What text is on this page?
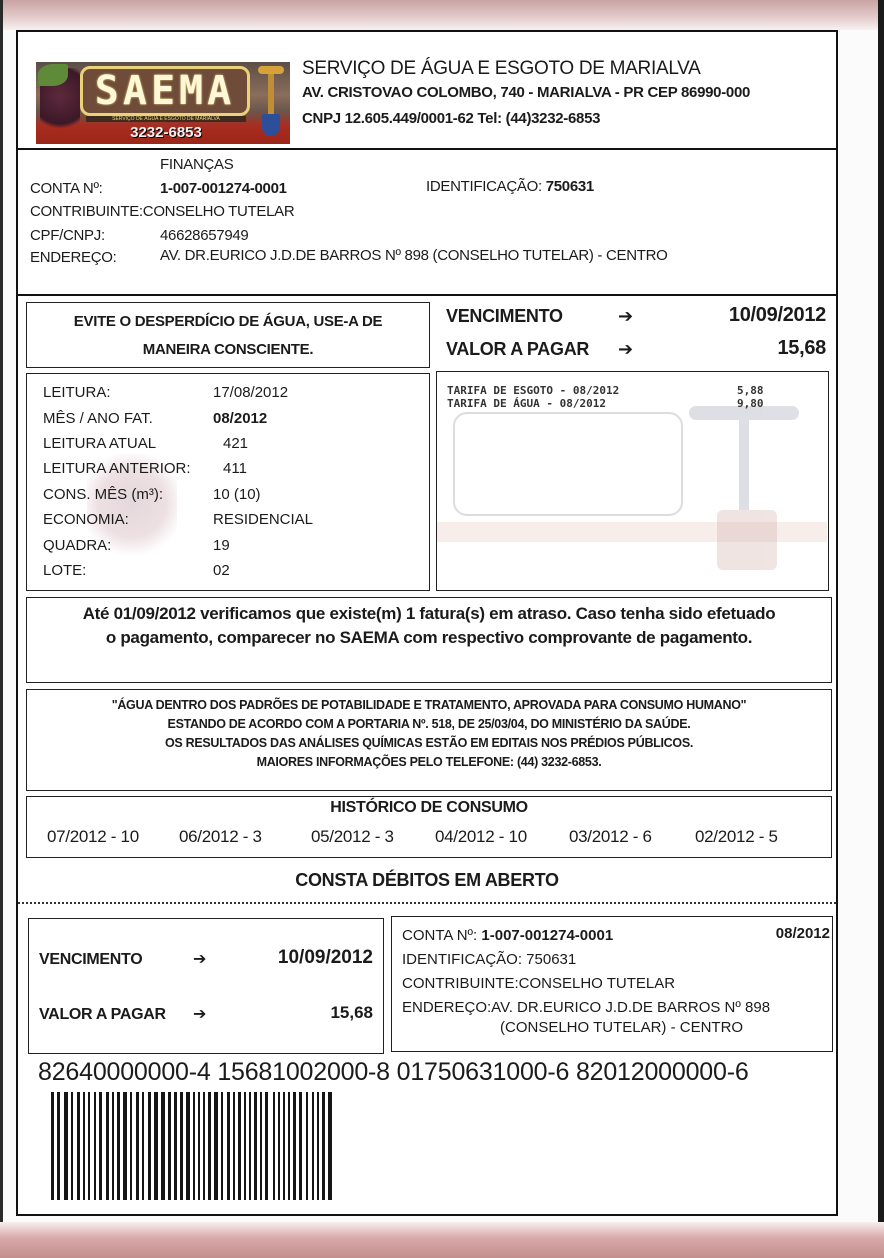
SAEMA
SERVIÇO DE ÁGUA E ESGOTO DE MARIALVA
3232-6853
SERVIÇO DE ÁGUA E ESGOTO DE MARIALVA
AV. CRISTOVAO COLOMBO, 740 - MARIALVA - PR CEP 86990-000
CNPJ 12.605.449/0001-62 Tel: (44)3232-6853
FINANÇAS
CONTA Nº:	1-007-001274-0001	IDENTIFICAÇÃO: 750631
CONTRIBUINTE:CONSELHO TUTELAR
CPF/CNPJ:	46628657949
ENDEREÇO:	AV. DR.EURICO J.D.DE BARROS Nº 898 (CONSELHO TUTELAR) - CENTRO
EVITE O DESPERDÍCIO DE ÁGUA, USE-A DE
MANEIRA CONSCIENTE.
VENCIMENTO	➔	10/09/2012
VALOR A PAGAR ➔	15,68
LEITURA:	17/08/2012
MÊS / ANO FAT.	08/2012
LEITURA ATUAL	421
LEITURA ANTERIOR: 411
CONS. MÊS (m³):	10 (10)
ECONOMIA:	RESIDENCIAL
QUADRA:	19
LOTE:	02
TARIFA DE ESGOTO - 08/2012	5,88
TARIFA DE ÁGUA - 08/2012	9,80
Até 01/09/2012 verificamos que existe(m) 1 fatura(s) em atraso. Caso tenha sido efetuado
o pagamento, comparecer no SAEMA com respectivo comprovante de pagamento.
"ÁGUA DENTRO DOS PADRÕES DE POTABILIDADE E TRATAMENTO, APROVADA PARA CONSUMO HUMANO"
ESTANDO DE ACORDO COM A PORTARIA Nº. 518, DE 25/03/04, DO MINISTÉRIO DA SAÚDE.
OS RESULTADOS DAS ANÁLISES QUÍMICAS ESTÃO EM EDITAIS NOS PRÉDIOS PÚBLICOS.
MAIORES INFORMAÇÕES PELO TELEFONE: (44) 3232-6853.
HISTÓRICO DE CONSUMO
07/2012 - 10 06/2012 - 3	05/2012 - 3 04/2012 - 10 03/2012 - 6	02/2012 - 5
CONSTA DÉBITOS EM ABERTO
VENCIMENTO	➔	10/09/2012
VALOR A PAGAR ➔	15,68
CONTA Nº: 1-007-001274-0001	08/2012
IDENTIFICAÇÃO: 750631
CONTRIBUINTE:CONSELHO TUTELAR
ENDEREÇO:AV. DR.EURICO J.D.DE BARROS Nº 898
(CONSELHO TUTELAR) - CENTRO
82640000000-4 15681002000-8 01750631000-6 82012000000-6
